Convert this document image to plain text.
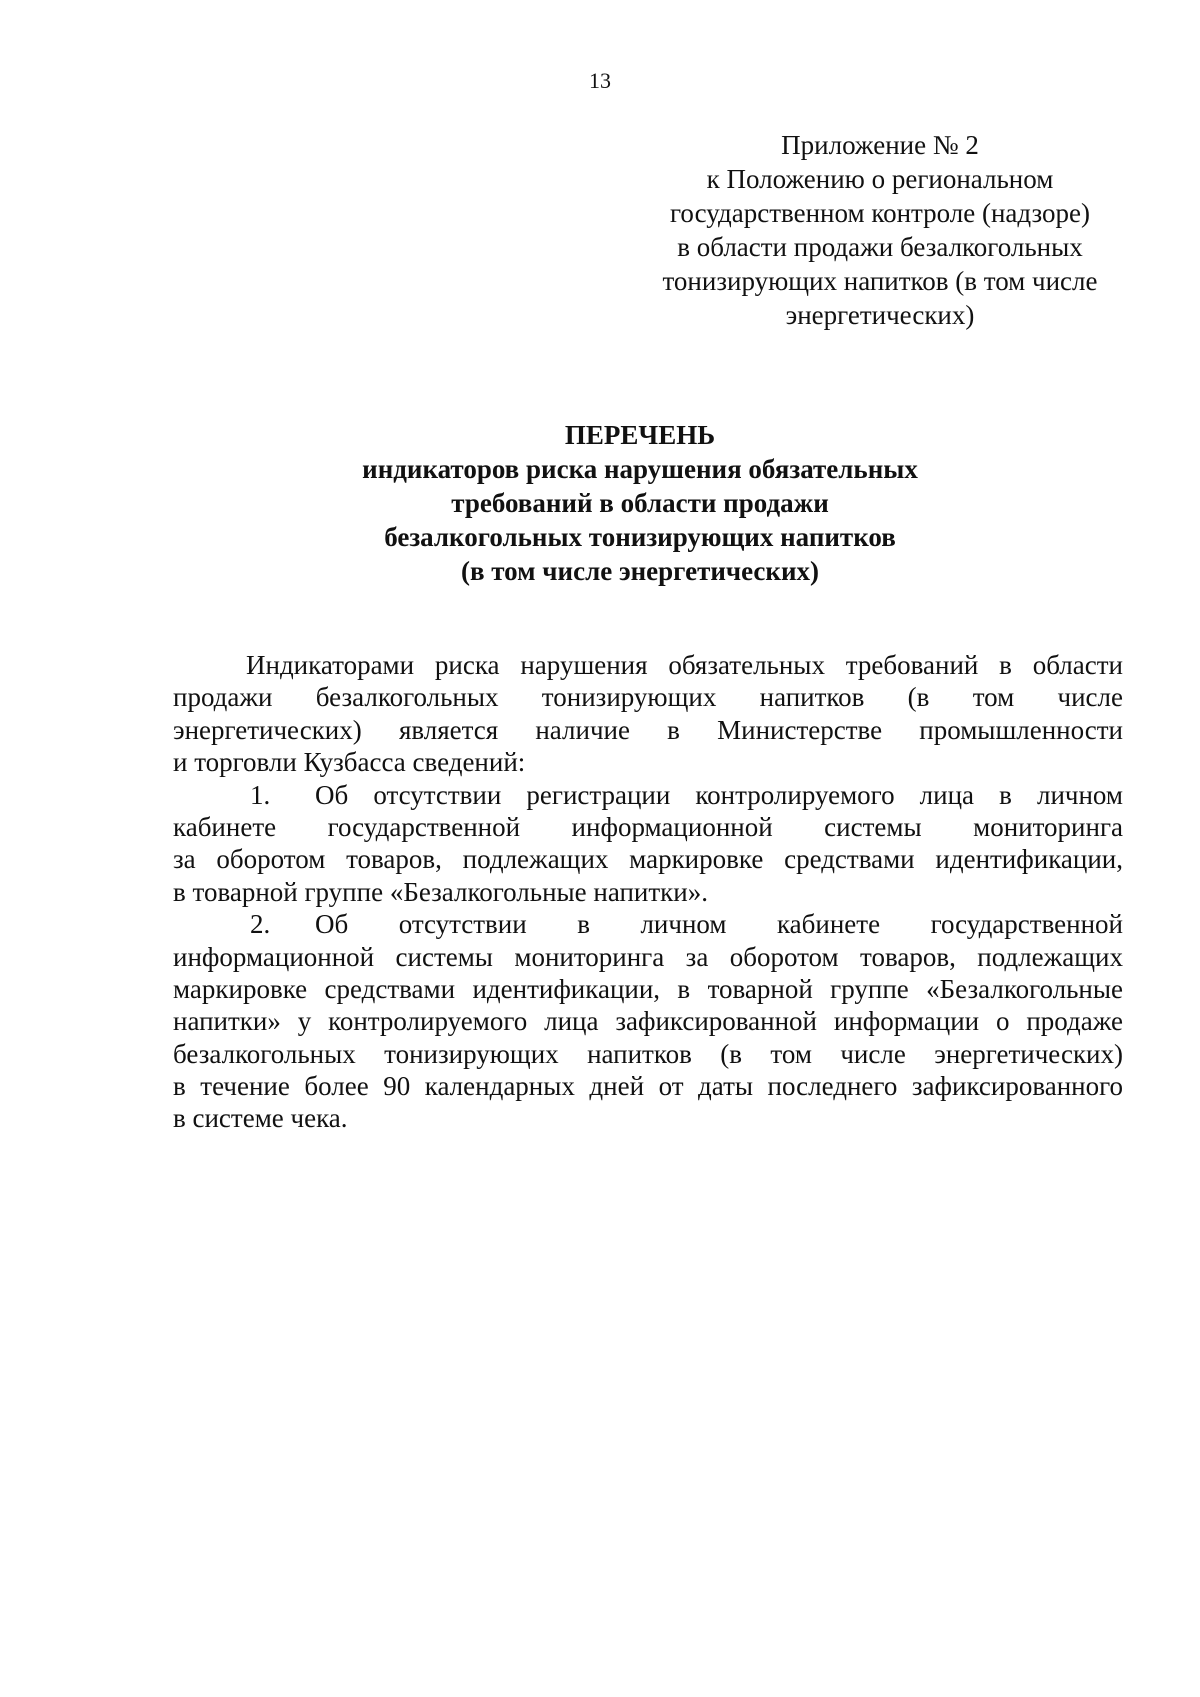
13
Приложение № 2
к Положению о региональном
государственном контроле (надзоре)
в области продажи безалкогольных
тонизирующих напитков (в том числе
энергетических)
ПЕРЕЧЕНЬ
индикаторов риска нарушения обязательных
требований в области продажи
безалкогольных тонизирующих напитков
(в том числе энергетических)
Индикаторами риска нарушения обязательных требований в области
продажи безалкогольных тонизирующих напитков (в том числе
энергетических) является наличие в Министерстве промышленности
и торговли Кузбасса сведений:
1. Об отсутствии регистрации контролируемого лица в личном
кабинете государственной информационной системы мониторинга
за оборотом товаров, подлежащих маркировке средствами идентификации,
в товарной группе «Безалкогольные напитки».
2. Об отсутствии в личном кабинете государственной
информационной системы мониторинга за оборотом товаров, подлежащих
маркировке средствами идентификации, в товарной группе «Безалкогольные
напитки» у контролируемого лица зафиксированной информации о продаже
безалкогольных тонизирующих напитков (в том числе энергетических)
в течение более 90 календарных дней от даты последнего зафиксированного
в системе чека.
